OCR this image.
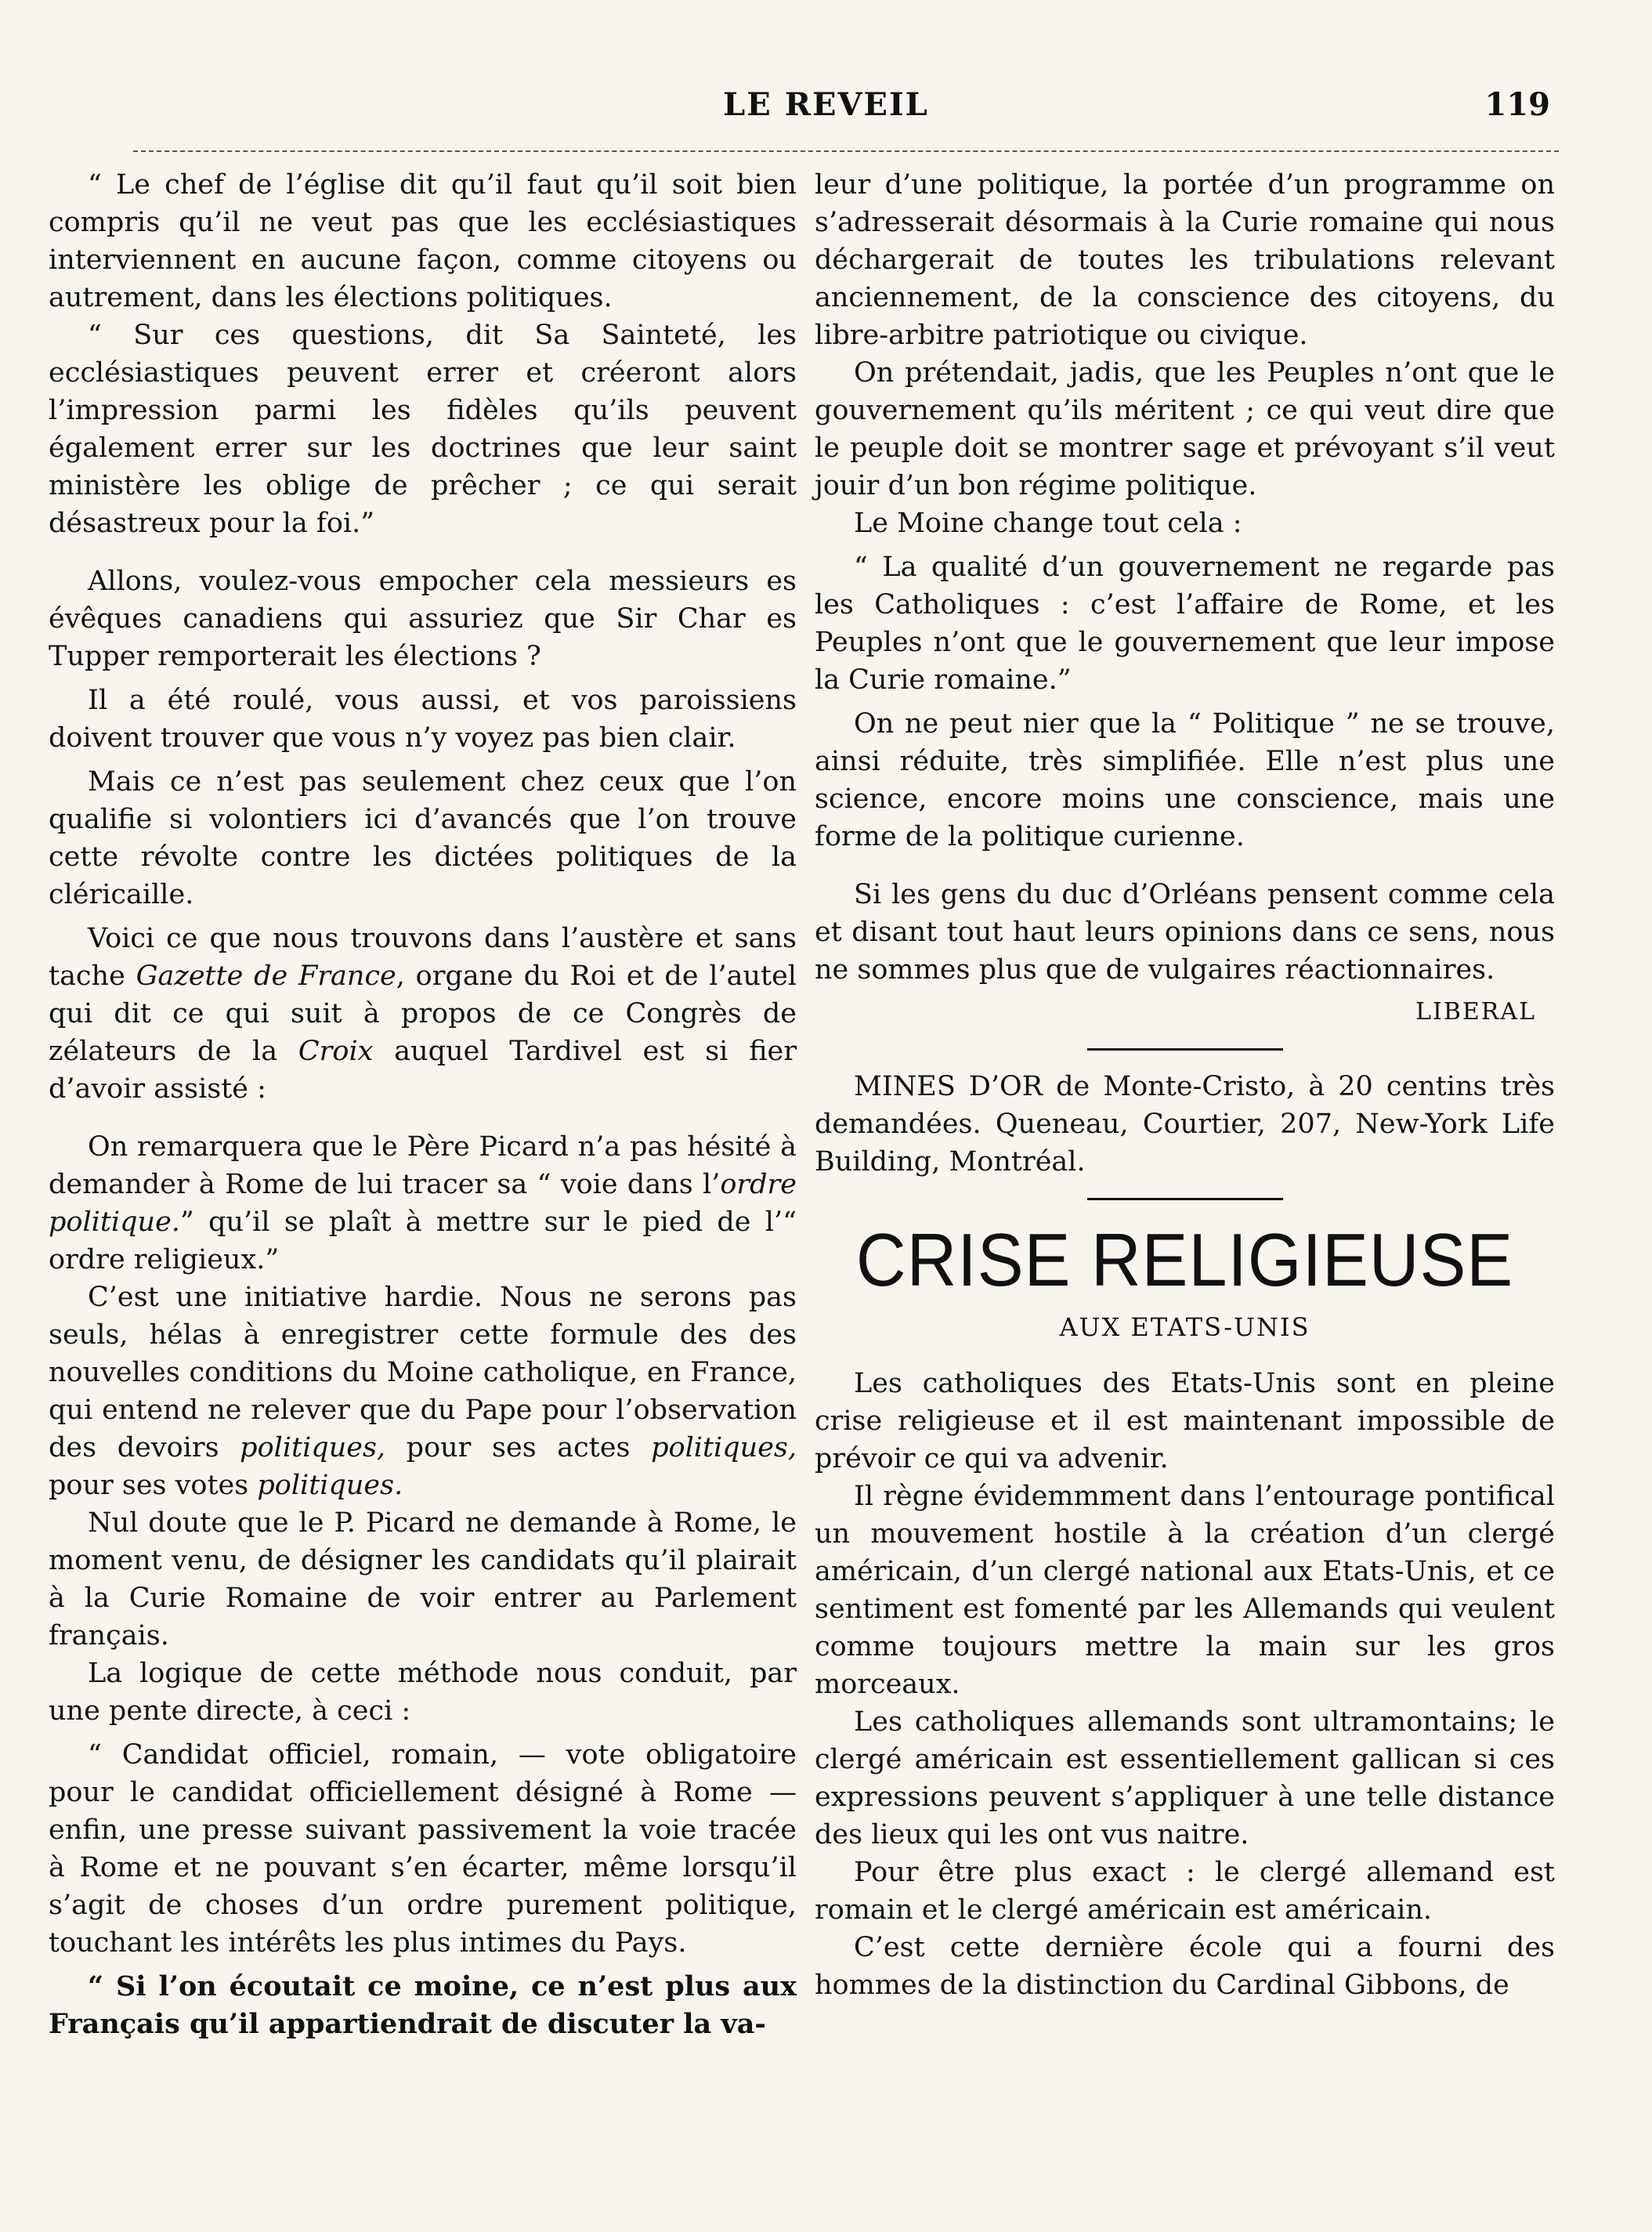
LE REVEIL	119

“ Le chef de l’église dit qu’il faut qu’il soit bien compris qu’il ne veut pas que les ecclésiastiques interviennent en aucune façon, comme citoyens ou autrement, dans les élections politiques.

“ Sur ces questions, dit Sa Sainteté, les ecclésiastiques peuvent errer et créeront alors l’impression parmi les fidèles qu’ils peuvent également errer sur les doctrines que leur saint ministère les oblige de prêcher ; ce qui serait désastreux pour la foi.”

Allons, voulez-vous empocher cela messieurs es évêques canadiens qui assuriez que Sir Char es Tupper remporterait les élections ?

Il a été roulé, vous aussi, et vos paroissiens doivent trouver que vous n’y voyez pas bien clair.

Mais ce n’est pas seulement chez ceux que l’on qualifie si volontiers ici d’avancés que l’on trouve cette révolte contre les dictées politiques de la cléricaille.

Voici ce que nous trouvons dans l’austère et sans tache Gazette de France, organe du Roi et de l’autel qui dit ce qui suit à propos de ce Congrès de zélateurs de la Croix auquel Tardivel est si fier d’avoir assisté :

On remarquera que le Père Picard n’a pas hésité à demander à Rome de lui tracer sa “ voie dans l’ordre politique.” qu’il se plaît à mettre sur le pied de l’“ ordre religieux.”

C’est une initiative hardie. Nous ne serons pas seuls, hélas à enregistrer cette formule des des nouvelles conditions du Moine catholique, en France, qui entend ne relever que du Pape pour l’observation des devoirs politiques, pour ses actes politiques, pour ses votes politiques.

Nul doute que le P. Picard ne demande à Rome, le moment venu, de désigner les candidats qu’il plairait à la Curie Romaine de voir entrer au Parlement français.

La logique de cette méthode nous conduit, par une pente directe, à ceci :

“ Candidat officiel, romain, — vote obligatoire pour le candidat officiellement désigné à Rome — enfin, une presse suivant passivement la voie tracée à Rome et ne pouvant s’en écarter, même lorsqu’il s’agit de choses d’un ordre purement politique, touchant les intérêts les plus intimes du Pays.

“ Si l’on écoutait ce moine, ce n’est plus aux Français qu’il appartiendrait de discuter la va-

leur d’une politique, la portée d’un programme on s’adresserait désormais à la Curie romaine qui nous déchargerait de toutes les tribulations relevant anciennement, de la conscience des citoyens, du libre-arbitre patriotique ou civique.

On prétendait, jadis, que les Peuples n’ont que le gouvernement qu’ils méritent ; ce qui veut dire que le peuple doit se montrer sage et prévoyant s’il veut jouir d’un bon régime politique.

Le Moine change tout cela :

“ La qualité d’un gouvernement ne regarde pas les Catholiques : c’est l’affaire de Rome, et les Peuples n’ont que le gouvernement que leur impose la Curie romaine.”

On ne peut nier que la “ Politique ” ne se trouve, ainsi réduite, très simplifiée. Elle n’est plus une science, encore moins une conscience, mais une forme de la politique curienne.

Si les gens du duc d’Orléans pensent comme cela et disant tout haut leurs opinions dans ce sens, nous ne sommes plus que de vulgaires réactionnaires.

LIBERAL

MINES D’OR de Monte-Cristo, à 20 centins très demandées. Queneau, Courtier, 207, New-York Life Building, Montréal.

CRISE RELIGIEUSE
AUX ETATS-UNIS

Les catholiques des Etats-Unis sont en pleine crise religieuse et il est maintenant impossible de prévoir ce qui va advenir.

Il règne évidemmment dans l’entourage pontifical un mouvement hostile à la création d’un clergé américain, d’un clergé national aux Etats-Unis, et ce sentiment est fomenté par les Allemands qui veulent comme toujours mettre la main sur les gros morceaux.

Les catholiques allemands sont ultramontains; le clergé américain est essentiellement gallican si ces expressions peuvent s’appliquer à une telle distance des lieux qui les ont vus naitre.

Pour être plus exact : le clergé allemand est romain et le clergé américain est américain.

C’est cette dernière école qui a fourni des hommes de la distinction du Cardinal Gibbons, de
